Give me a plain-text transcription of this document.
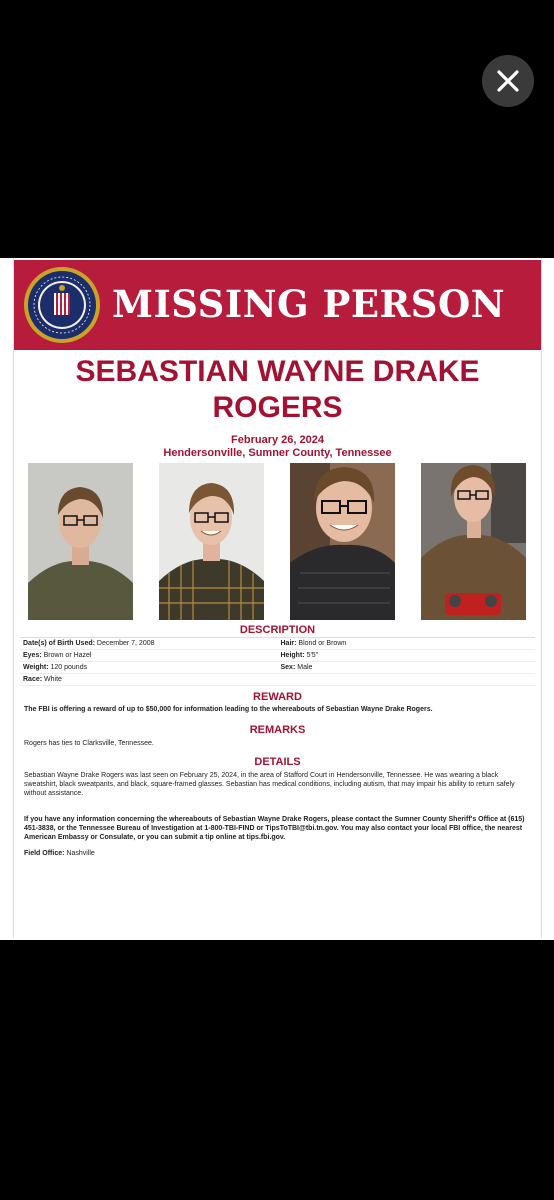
MISSING PERSON
SEBASTIAN WAYNE DRAKE
ROGERS
February 26, 2024
Hendersonville, Sumner County, Tennessee
DESCRIPTION
Date(s) of Birth Used: December 7, 2008	Hair: Blond or Brown
Eyes: Brown or Hazel	Height: 5'5"
Weight: 120 pounds	Sex: Male
Race: White
REWARD
The FBI is offering a reward of up to $50,000 for information leading to the whereabouts of Sebastian Wayne Drake Rogers.
REMARKS
Rogers has ties to Clarksville, Tennessee.
DETAILS
Sebastian Wayne Drake Rogers was last seen on February 25, 2024, in the area of Stafford Court in Hendersonville, Tennessee. He was wearing a black sweatshirt, black sweatpants, and black, square-framed glasses. Sebastian has medical conditions, including autism, that may impair his ability to return safely without assistance.
If you have any information concerning the whereabouts of Sebastian Wayne Drake Rogers, please contact the Sumner County Sheriff's Office at (615) 451-3838, or the Tennessee Bureau of Investigation at 1-800-TBI-FIND or TipsToTBI@tbi.tn.gov. You may also contact your local FBI office, the nearest American Embassy or Consulate, or you can submit a tip online at tips.fbi.gov.
Field Office: Nashville
